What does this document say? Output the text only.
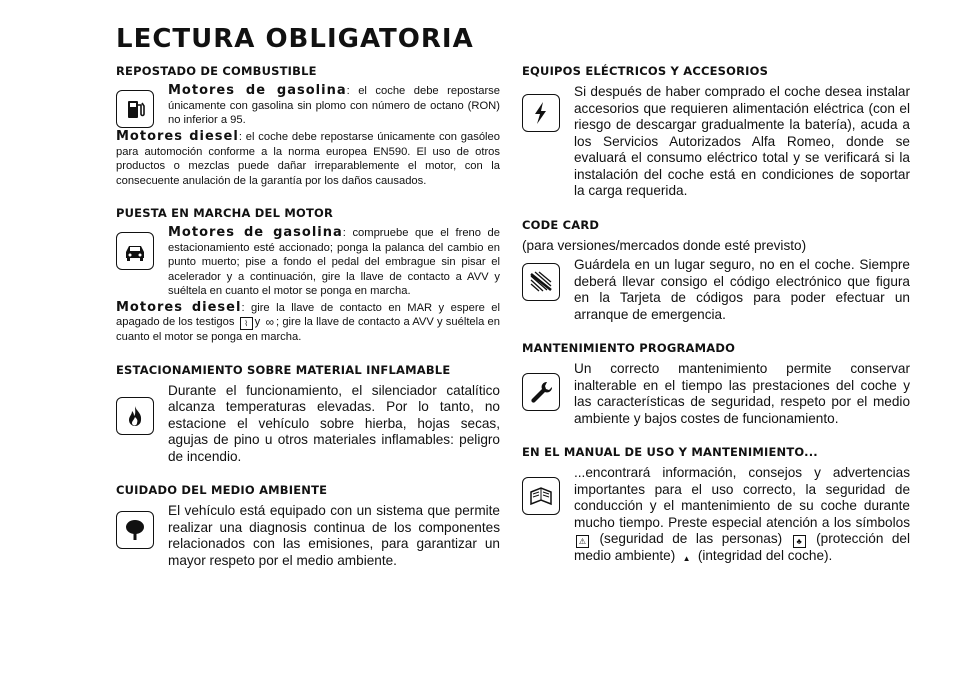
LECTURA OBLIGATORIA
REPOSTADO DE COMBUSTIBLE
Motores de gasolina: el coche debe repostarse únicamente con gasolina sin plomo con número de octano (RON) no inferior a 95.

Motores diesel: el coche debe repostarse únicamente con gasóleo para automoción conforme a la norma europea EN590. El uso de otros productos o mezclas puede dañar irreparablemente el motor, con la consecuente anulación de la garantía por los daños causados.

PUESTA EN MARCHA DEL MOTOR
Motores de gasolina: compruebe que el freno de estacionamiento esté accionado; ponga la palanca del cambio en punto muerto; pise a fondo el pedal del embrague sin pisar el acelerador y a continuación, gire la llave de contacto a AVV y suéltela en cuanto el motor se ponga en marcha.

Motores diesel: gire la llave de contacto en MAR y espere el apagado de los testigos ⌇ y ∞ ; gire la llave de contacto a AVV y suéltela en cuanto el motor se ponga en marcha.

ESTACIONAMIENTO SOBRE MATERIAL INFLAMABLE
Durante el funcionamiento, el silenciador catalítico alcanza temperaturas elevadas. Por lo tanto, no estacione el vehículo sobre hierba, hojas secas, agujas de pino u otros materiales inflamables: peligro de incendio.
CUIDADO DEL MEDIO AMBIENTE
El vehículo está equipado con un sistema que permite realizar una diagnosis continua de los componentes relacionados con las emisiones, para garantizar un mayor respeto por el medio ambiente.
EQUIPOS ELÉCTRICOS Y ACCESORIOS
Si después de haber comprado el coche desea instalar accesorios que requieren alimentación eléctrica (con el riesgo de descargar gradualmente la batería), acuda a los Servicios Autorizados Alfa Romeo, donde se evaluará el consumo eléctrico total y se verificará si la instalación del coche está en condiciones de soportar la carga requerida.
CODE CARD
(para versiones/mercados donde esté previsto)
Guárdela en un lugar seguro, no en el coche. Siempre deberá llevar consigo el código electrónico que figura en la Tarjeta de códigos para poder efectuar un arranque de emergencia.
MANTENIMIENTO PROGRAMADO
Un correcto mantenimiento permite conservar inalterable en el tiempo las prestaciones del coche y las características de seguridad, respeto por el medio ambiente y bajos costes de funcionamiento.
EN EL MANUAL DE USO Y MANTENIMIENTO...
...encontrará información, consejos y advertencias importantes para el uso correcto, la seguridad de conducción y el mantenimiento de su coche durante mucho tiempo. Preste especial atención a los símbolos ⚠ (seguridad de las personas) ♣ (protección del medio ambiente) ▲ (integridad del coche).
